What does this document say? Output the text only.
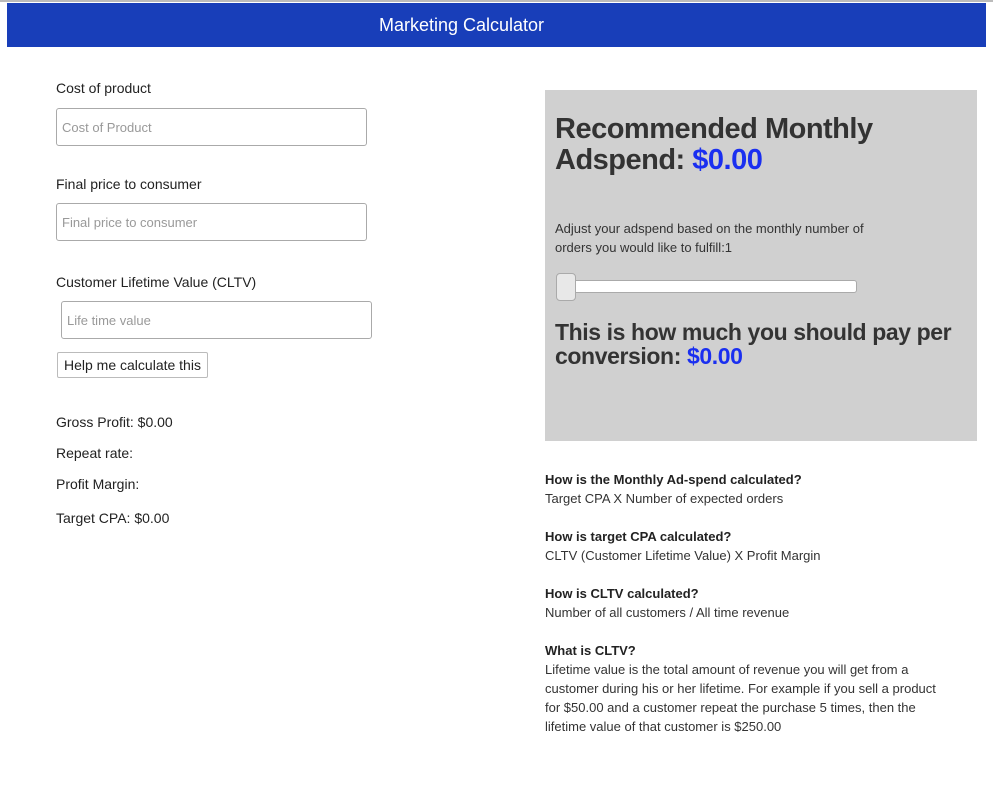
Marketing Calculator
Cost of product
Cost of Product
Final price to consumer
Final price to consumer
Customer Lifetime Value (CLTV)
Life time value
Help me calculate this
Gross Profit: $0.00
Repeat rate:
Profit Margin:
Target CPA: $0.00
Recommended Monthly Adspend: $0.00
Adjust your adspend based on the monthly number of orders you would like to fulfill:1
This is how much you should pay per conversion: $0.00
How is the Monthly Ad-spend calculated?
Target CPA X Number of expected orders
How is target CPA calculated?
CLTV (Customer Lifetime Value) X Profit Margin
How is CLTV calculated?
Number of all customers / All time revenue
What is CLTV?
Lifetime value is the total amount of revenue you will get from a customer during his or her lifetime. For example if you sell a product for $50.00 and a customer repeat the purchase 5 times, then the lifetime value of that customer is $250.00
